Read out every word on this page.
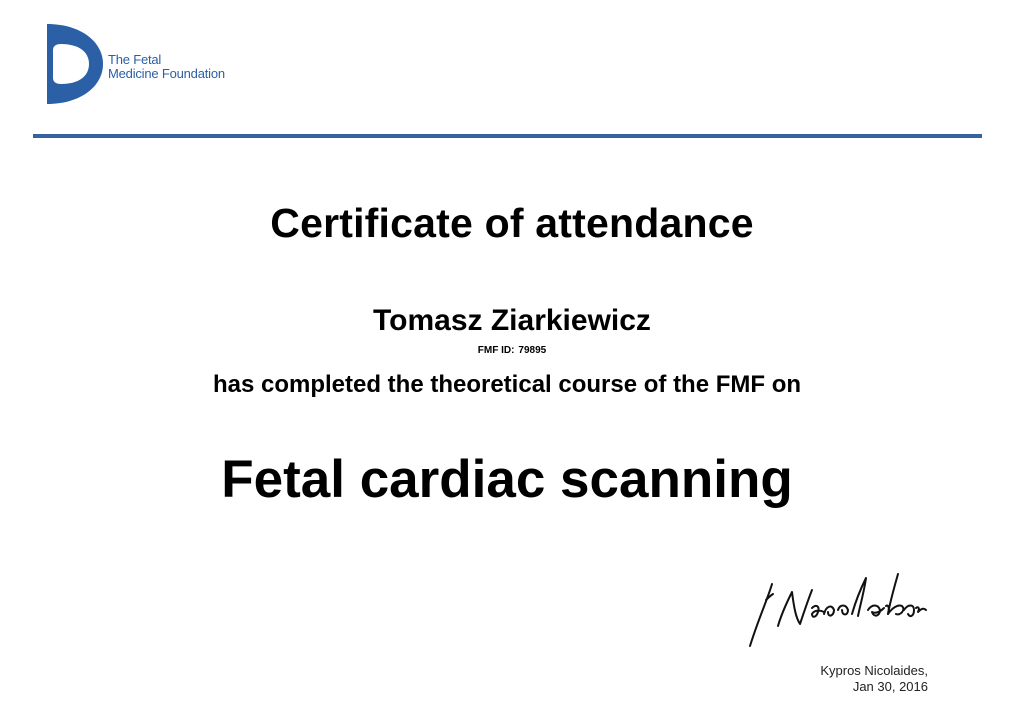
The Fetal
Medicine Foundation
Certificate of attendance
Tomasz Ziarkiewicz
FMF ID: 79895
has completed the theoretical course of the FMF on
Fetal cardiac scanning
Kypros Nicolaides,
Jan 30, 2016
